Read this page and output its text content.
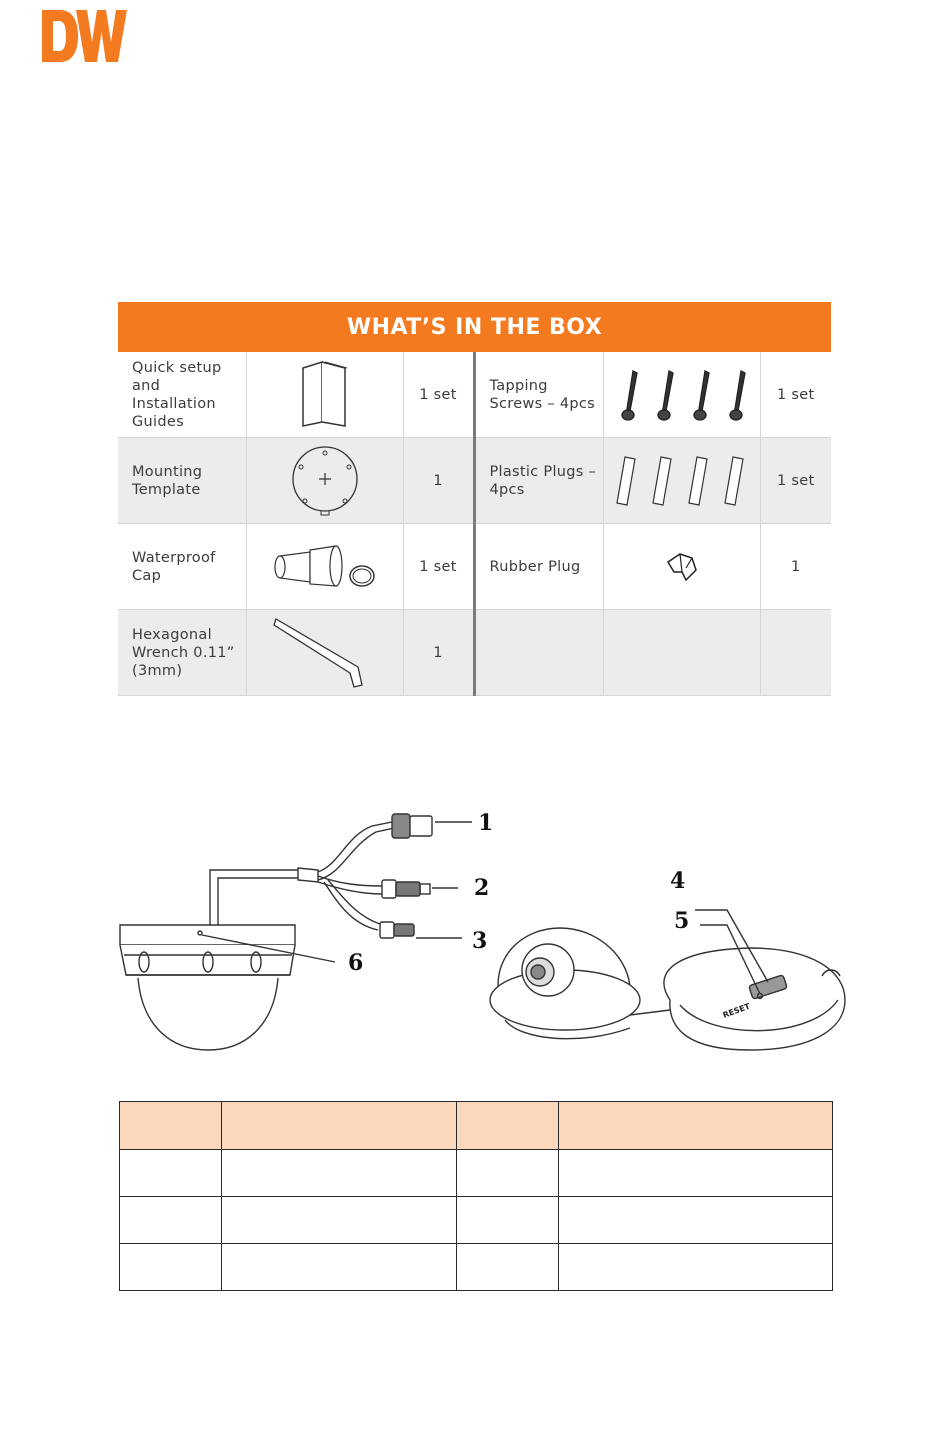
WHAT’S IN THE BOX					
Quick setup and Installation Guides		1 set	Tapping Screws – 4pcs		1 set
Mounting Template		1	Plastic Plugs – 4pcs		1 set
Waterproof Cap		1 set	Rubber Plug		1
Hexagonal Wrench 0.11” (3mm)		1			
1
2
3
4
5
6
RESET
